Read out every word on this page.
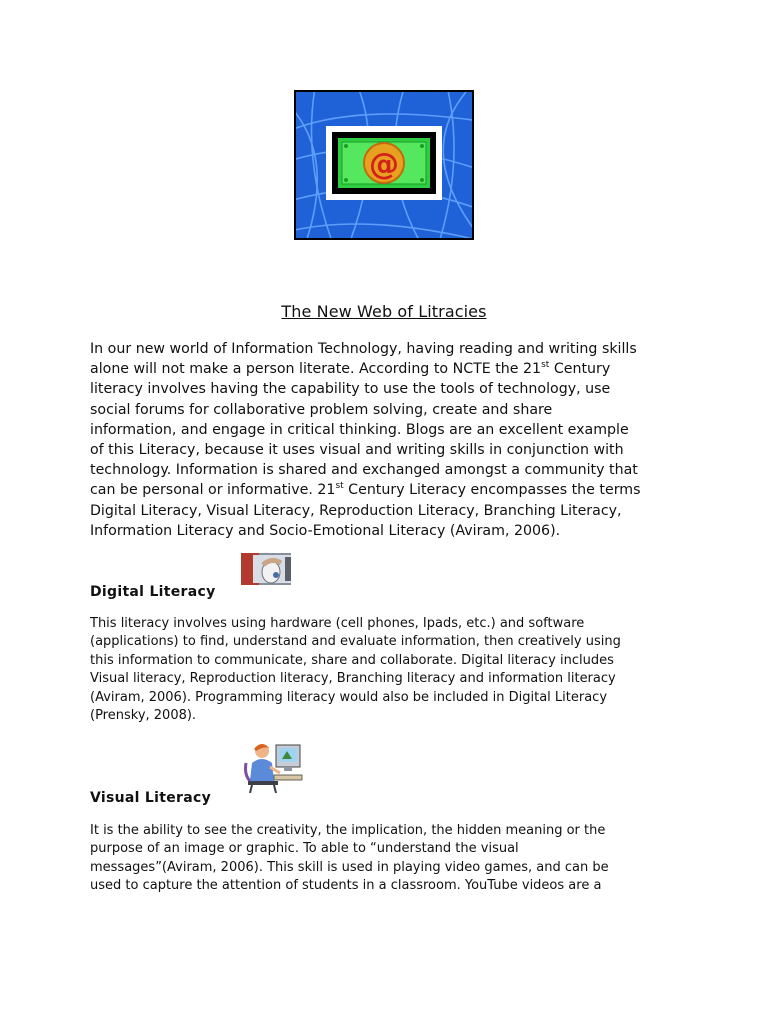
@
The New Web of Litracies
In our new world of Information Technology, having reading and writing skills
alone will not make a person literate. According to NCTE the 21st Century
literacy involves having the capability to use the tools of technology, use
social forums for collaborative problem solving, create and share
information, and engage in critical thinking. Blogs are an excellent example
of this Literacy, because it uses visual and writing skills in conjunction with
technology. Information is shared and exchanged amongst a community that
can be personal or informative. 21st Century Literacy encompasses the terms
Digital Literacy, Visual Literacy, Reproduction Literacy, Branching Literacy,
Information Literacy and Socio-Emotional Literacy (Aviram, 2006).
Digital Literacy
This literacy involves using hardware (cell phones, Ipads, etc.) and software
(applications) to find, understand and evaluate information, then creatively using
this information to communicate, share and collaborate. Digital literacy includes
Visual literacy, Reproduction literacy, Branching literacy and information literacy
(Aviram, 2006). Programming literacy would also be included in Digital Literacy
(Prensky, 2008).
Visual Literacy
It is the ability to see the creativity, the implication, the hidden meaning or the
purpose of an image or graphic. To able to “understand the visual
messages”(Aviram, 2006). This skill is used in playing video games, and can be
used to capture the attention of students in a classroom. YouTube videos are a
